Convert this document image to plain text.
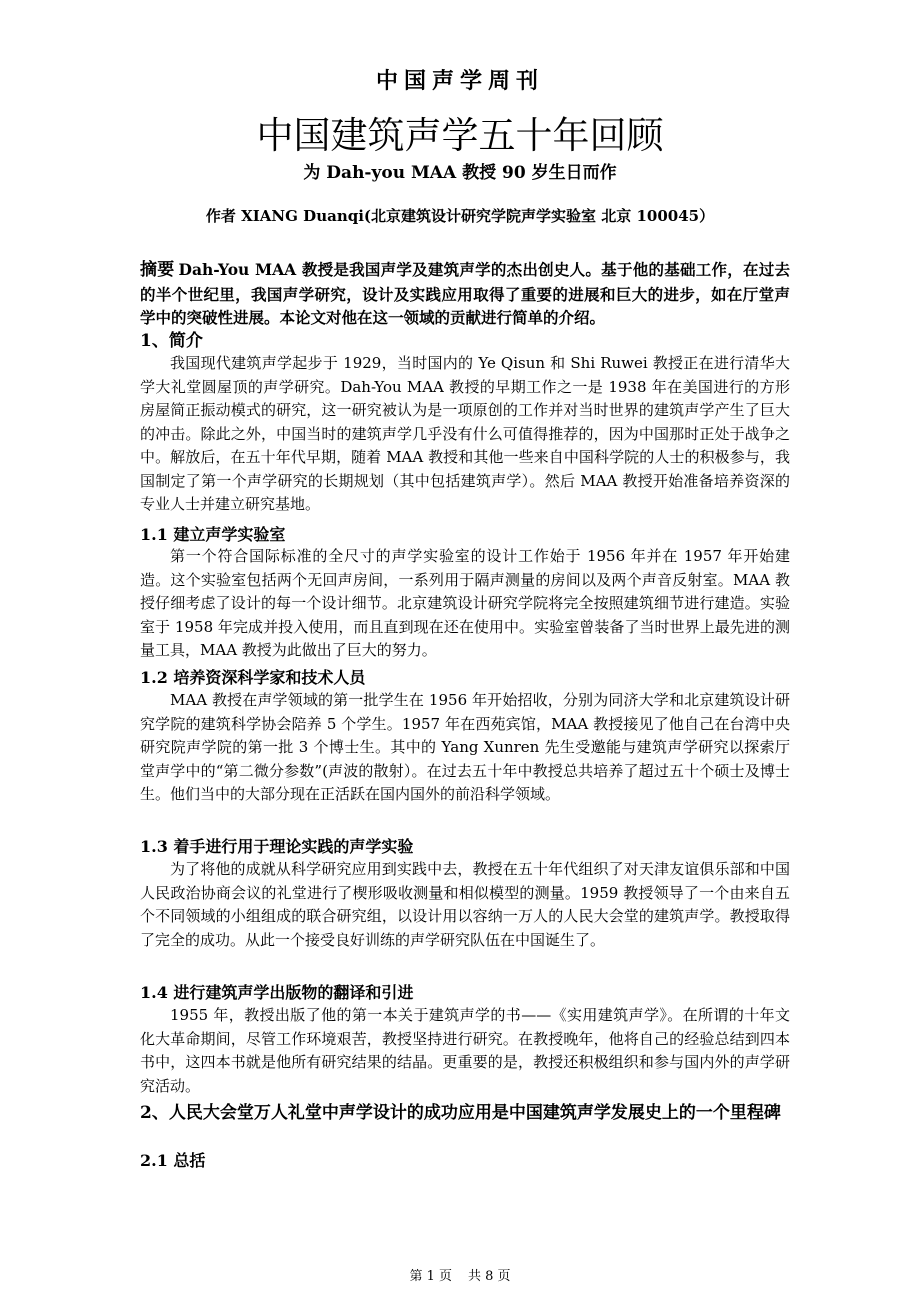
中国声学周刊
中国建筑声学五十年回顾
为 Dah-you MAA 教授 90 岁生日而作
作者 XIANG Duanqi(北京建筑设计研究学院声学实验室 北京 100045）
摘要 Dah-You MAA 教授是我国声学及建筑声学的杰出创史人。基于他的基础工作，在过去的半个世纪里，我国声学研究，设计及实践应用取得了重要的进展和巨大的进步，如在厅堂声学中的突破性进展。本论文对他在这一领域的贡献进行简单的介绍。
1、简介
我国现代建筑声学起步于 1929，当时国内的 Ye Qisun 和 Shi Ruwei 教授正在进行清华大学大礼堂圆屋顶的声学研究。Dah-You MAA 教授的早期工作之一是 1938 年在美国进行的方形房屋简正振动模式的研究，这一研究被认为是一项原创的工作并对当时世界的建筑声学产生了巨大的冲击。除此之外，中国当时的建筑声学几乎没有什么可值得推荐的，因为中国那时正处于战争之中。解放后，在五十年代早期，随着 MAA 教授和其他一些来自中国科学院的人士的积极参与，我国制定了第一个声学研究的长期规划（其中包括建筑声学）。然后 MAA 教授开始准备培养资深的专业人士并建立研究基地。
1.1 建立声学实验室
第一个符合国际标准的全尺寸的声学实验室的设计工作始于 1956 年并在 1957 年开始建造。这个实验室包括两个无回声房间，一系列用于隔声测量的房间以及两个声音反射室。MAA 教授仔细考虑了设计的每一个设计细节。北京建筑设计研究学院将完全按照建筑细节进行建造。实验室于 1958 年完成并投入使用，而且直到现在还在使用中。实验室曾装备了当时世界上最先进的测量工具，MAA 教授为此做出了巨大的努力。
1.2 培养资深科学家和技术人员
MAA 教授在声学领域的第一批学生在 1956 年开始招收，分别为同济大学和北京建筑设计研究学院的建筑科学协会陪养 5 个学生。1957 年在西苑宾馆，MAA 教授接见了他自己在台湾中央研究院声学院的第一批 3 个博士生。其中的 Yang Xunren 先生受邀能与建筑声学研究以探索厅堂声学中的“第二微分参数”(声波的散射）。在过去五十年中教授总共培养了超过五十个硕士及博士生。他们当中的大部分现在正活跃在国内国外的前沿科学领域。
1.3 着手进行用于理论实践的声学实验
为了将他的成就从科学研究应用到实践中去，教授在五十年代组织了对天津友谊俱乐部和中国人民政治协商会议的礼堂进行了楔形吸收测量和相似模型的测量。1959 教授领导了一个由来自五个不同领域的小组组成的联合研究组，以设计用以容纳一万人的人民大会堂的建筑声学。教授取得了完全的成功。从此一个接受良好训练的声学研究队伍在中国诞生了。
1.4 进行建筑声学出版物的翻译和引进
1955 年，教授出版了他的第一本关于建筑声学的书——《实用建筑声学》。在所谓的十年文化大革命期间，尽管工作环境艰苦，教授坚持进行研究。在教授晚年，他将自己的经验总结到四本书中，这四本书就是他所有研究结果的结晶。更重要的是，教授还积极组织和参与国内外的声学研究活动。
2、人民大会堂万人礼堂中声学设计的成功应用是中国建筑声学发展史上的一个里程碑
2.1 总括
第 1 页 共 8 页
